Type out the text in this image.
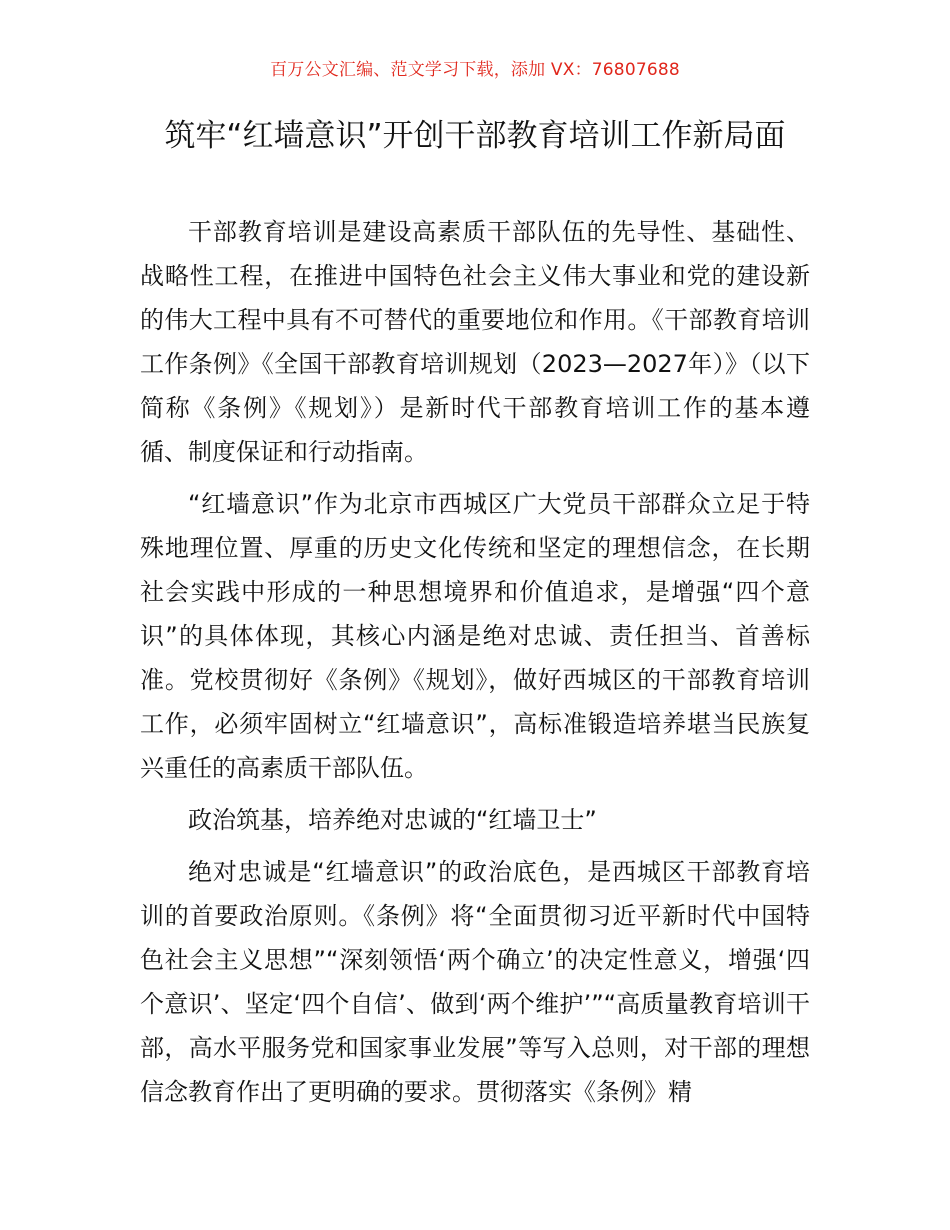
百万公文汇编、范文学习下载，添加 VX：76807688
筑牢“红墙意识”开创干部教育培训工作新局面

干部教育培训是建设高素质干部队伍的先导性、基础性、战略性工程，在推进中国特色社会主义伟大事业和党的建设新的伟大工程中具有不可替代的重要地位和作用。《干部教育培训工作条例》《全国干部教育培训规划（2023—2027年）》（以下简称《条例》《规划》）是新时代干部教育培训工作的基本遵循、制度保证和行动指南。

“红墙意识”作为北京市西城区广大党员干部群众立足于特殊地理位置、厚重的历史文化传统和坚定的理想信念，在长期社会实践中形成的一种思想境界和价值追求，是增强“四个意识”的具体体现，其核心内涵是绝对忠诚、责任担当、首善标准。党校贯彻好《条例》《规划》，做好西城区的干部教育培训工作，必须牢固树立“红墙意识”，高标准锻造培养堪当民族复兴重任的高素质干部队伍。

政治筑基，培养绝对忠诚的“红墙卫士”

绝对忠诚是“红墙意识”的政治底色，是西城区干部教育培训的首要政治原则。《条例》将“全面贯彻习近平新时代中国特色社会主义思想”“深刻领悟‘两个确立’的决定性意义，增强‘四个意识’、坚定‘四个自信’、做到‘两个维护’”“高质量教育培训干部，高水平服务党和国家事业发展”等写入总则，对干部的理想信念教育作出了更明确的要求。贯彻落实《条例》精
